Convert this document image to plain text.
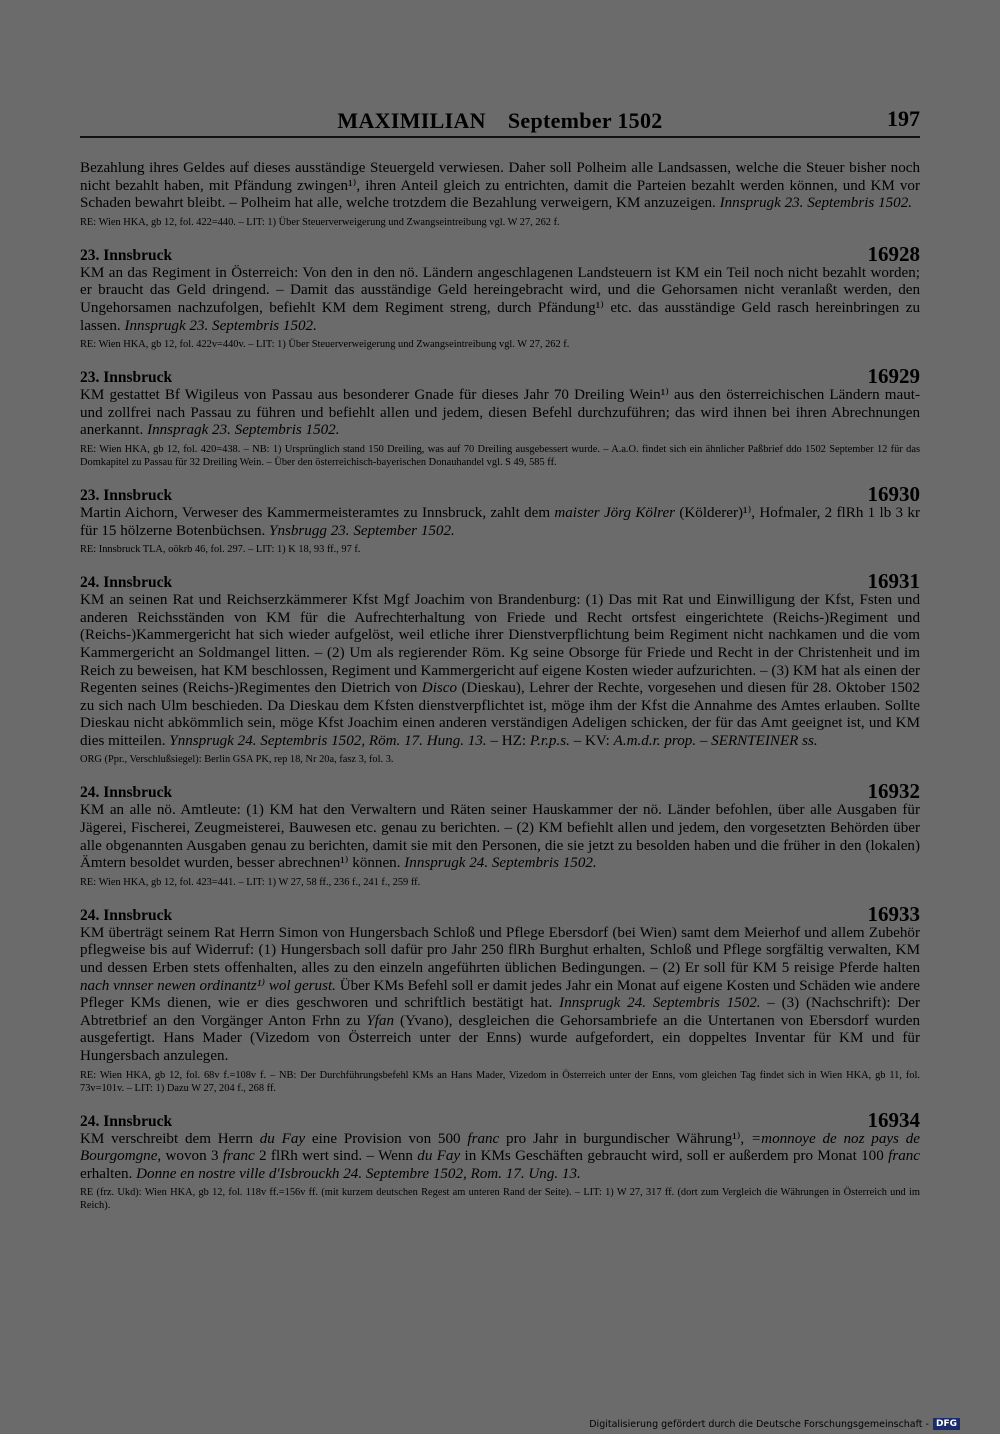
MAXIMILIAN September 1502	197

Bezahlung ihres Geldes auf dieses ausständige Steuergeld verwiesen. Daher soll Polheim alle Landsassen, welche die Steuer bisher noch nicht bezahlt haben, mit Pfändung zwingen¹⁾, ihren Anteil gleich zu entrichten, damit die Parteien bezahlt werden können, und KM vor Schaden bewahrt bleibt. – Polheim hat alle, welche trotzdem die Bezahlung verweigern, KM anzuzeigen. Innsprugk 23. Septembris 1502.

RE: Wien HKA, gb 12, fol. 422=440. – LIT: 1) Über Steuerverweigerung und Zwangseintreibung vgl. W 27, 262 f.

23. Innsbruck	16928

KM an das Regiment in Österreich: Von den in den nö. Ländern angeschlagenen Landsteuern ist KM ein Teil noch nicht bezahlt worden; er braucht das Geld dringend. – Damit das ausständige Geld hereingebracht wird, und die Gehorsamen nicht veranlaßt werden, den Ungehorsamen nachzufolgen, befiehlt KM dem Regiment streng, durch Pfändung¹⁾ etc. das ausständige Geld rasch hereinbringen zu lassen. Innsprugk 23. Septembris 1502.

RE: Wien HKA, gb 12, fol. 422v=440v. – LIT: 1) Über Steuerverweigerung und Zwangseintreibung vgl. W 27, 262 f.

23. Innsbruck	16929

KM gestattet Bf Wigileus von Passau aus besonderer Gnade für dieses Jahr 70 Dreiling Wein¹⁾ aus den österreichischen Ländern maut- und zollfrei nach Passau zu führen und befiehlt allen und jedem, diesen Befehl durchzuführen; das wird ihnen bei ihren Abrechnungen anerkannt. Innspragk 23. Septembris 1502.

RE: Wien HKA, gb 12, fol. 420=438. – NB: 1) Ursprünglich stand 150 Dreiling, was auf 70 Dreiling ausgebessert wurde. – A.a.O. findet sich ein ähnlicher Paßbrief ddo 1502 September 12 für das Domkapitel zu Passau für 32 Dreiling Wein. – Über den österreichisch-bayerischen Donauhandel vgl. S 49, 585 ff.

23. Innsbruck	16930

Martin Aichorn, Verweser des Kammermeisteramtes zu Innsbruck, zahlt dem maister Jörg Kölrer (Kölderer)¹⁾, Hofmaler, 2 flRh 1 lb 3 kr für 15 hölzerne Botenbüchsen. Ynsbrugg 23. September 1502.

RE: Innsbruck TLA, oökrb 46, fol. 297. – LIT: 1) K 18, 93 ff., 97 f.

24. Innsbruck	16931

KM an seinen Rat und Reichserzkämmerer Kfst Mgf Joachim von Brandenburg: (1) Das mit Rat und Einwilligung der Kfst, Fsten und anderen Reichsständen von KM für die Aufrechterhaltung von Friede und Recht ortsfest eingerichtete (Reichs-)Regiment und (Reichs-)Kammergericht hat sich wieder aufgelöst, weil etliche ihrer Dienstverpflichtung beim Regiment nicht nachkamen und die vom Kammergericht an Soldmangel litten. – (2) Um als regierender Röm. Kg seine Obsorge für Friede und Recht in der Christenheit und im Reich zu beweisen, hat KM beschlossen, Regiment und Kammergericht auf eigene Kosten wieder aufzurichten. – (3) KM hat als einen der Regenten seines (Reichs-)Regimentes den Dietrich von Disco (Dieskau), Lehrer der Rechte, vorgesehen und diesen für 28. Oktober 1502 zu sich nach Ulm beschieden. Da Dieskau dem Kfsten dienstverpflichtet ist, möge ihm der Kfst die Annahme des Amtes erlauben. Sollte Dieskau nicht abkömmlich sein, möge Kfst Joachim einen anderen verständigen Adeligen schicken, der für das Amt geeignet ist, und KM dies mitteilen. Ynnsprugk 24. Septembris 1502, Röm. 17. Hung. 13. – HZ: P.r.p.s. – KV: A.m.d.r. prop. – SERNTEINER ss.

ORG (Ppr., Verschlußsiegel): Berlin GSA PK, rep 18, Nr 20a, fasz 3, fol. 3.

24. Innsbruck	16932

KM an alle nö. Amtleute: (1) KM hat den Verwaltern und Räten seiner Hauskammer der nö. Länder befohlen, über alle Ausgaben für Jägerei, Fischerei, Zeugmeisterei, Bauwesen etc. genau zu berichten. – (2) KM befiehlt allen und jedem, den vorgesetzten Behörden über alle obgenannten Ausgaben genau zu berichten, damit sie mit den Personen, die sie jetzt zu besolden haben und die früher in den (lokalen) Ämtern besoldet wurden, besser abrechnen¹⁾ können. Innsprugk 24. Septembris 1502.

RE: Wien HKA, gb 12, fol. 423=441. – LIT: 1) W 27, 58 ff., 236 f., 241 f., 259 ff.

24. Innsbruck	16933

KM überträgt seinem Rat Herrn Simon von Hungersbach Schloß und Pflege Ebersdorf (bei Wien) samt dem Meierhof und allem Zubehör pflegweise bis auf Widerruf: (1) Hungersbach soll dafür pro Jahr 250 flRh Burghut erhalten, Schloß und Pflege sorgfältig verwalten, KM und dessen Erben stets offenhalten, alles zu den einzeln angeführten üblichen Bedingungen. – (2) Er soll für KM 5 reisige Pferde halten nach vnnser newen ordinantz¹⁾ wol gerust. Über KMs Befehl soll er damit jedes Jahr ein Monat auf eigene Kosten und Schäden wie andere Pfleger KMs dienen, wie er dies geschworen und schriftlich bestätigt hat. Innsprugk 24. Septembris 1502. – (3) (Nachschrift): Der Abtretbrief an den Vorgänger Anton Frhn zu Yfan (Yvano), desgleichen die Gehorsambriefe an die Untertanen von Ebersdorf wurden ausgefertigt. Hans Mader (Vizedom von Österreich unter der Enns) wurde aufgefordert, ein doppeltes Inventar für KM und für Hungersbach anzulegen.

RE: Wien HKA, gb 12, fol. 68v f.=108v f. – NB: Der Durchführungsbefehl KMs an Hans Mader, Vizedom in Österreich unter der Enns, vom gleichen Tag findet sich in Wien HKA, gb 11, fol. 73v=101v. – LIT: 1) Dazu W 27, 204 f., 268 ff.

24. Innsbruck	16934

KM verschreibt dem Herrn du Fay eine Provision von 500 franc pro Jahr in burgundischer Währung¹⁾, =monnoye de noz pays de Bourgomgne, wovon 3 franc 2 flRh wert sind. – Wenn du Fay in KMs Geschäften gebraucht wird, soll er außerdem pro Monat 100 franc erhalten. Donne en nostre ville d'Isbrouckh 24. Septembre 1502, Rom. 17. Ung. 13.

RE (frz. Ukd): Wien HKA, gb 12, fol. 118v ff.=156v ff. (mit kurzem deutschen Regest am unteren Rand der Seite). – LIT: 1) W 27, 317 ff. (dort zum Vergleich die Währungen in Österreich und im Reich).

Digitalisierung gefördert durch die Deutsche Forschungsgemeinschaft - DFG
